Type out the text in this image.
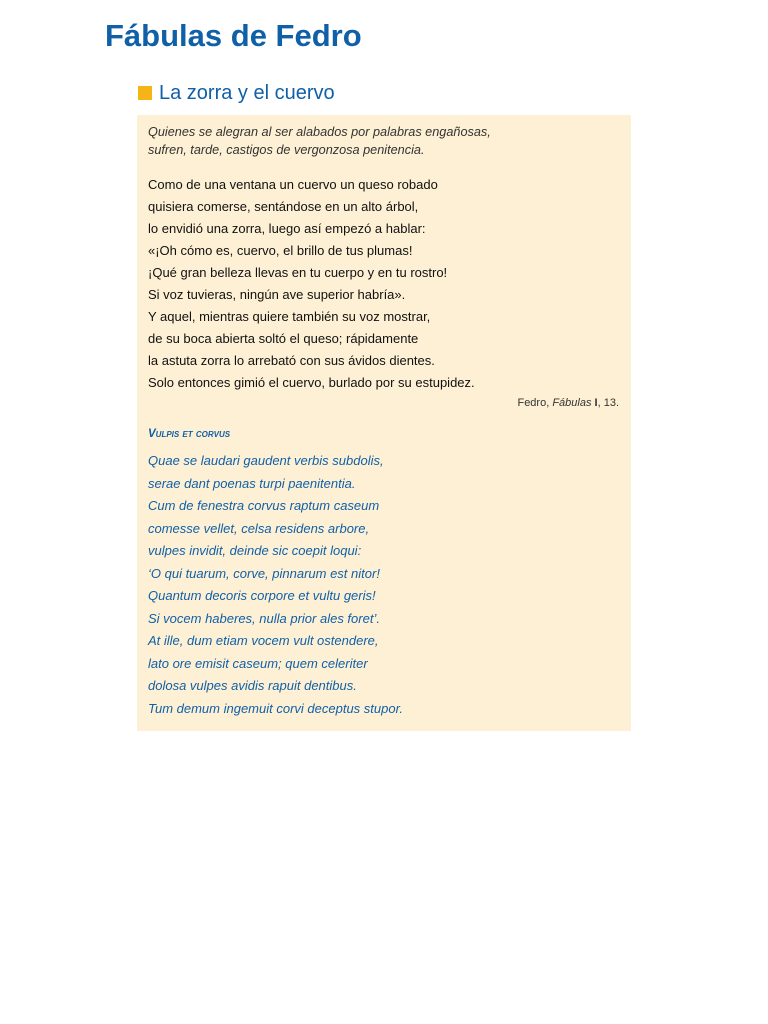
Fábulas de Fedro
La zorra y el cuervo
Quienes se alegran al ser alabados por palabras engañosas,
sufren, tarde, castigos de vergonzosa penitencia.
Como de una ventana un cuervo un queso robado
quisiera comerse, sentándose en un alto árbol,
lo envidió una zorra, luego así empezó a hablar:
«¡Oh cómo es, cuervo, el brillo de tus plumas!
¡Qué gran belleza llevas en tu cuerpo y en tu rostro!
Si voz tuvieras, ningún ave superior habría».
Y aquel, mientras quiere también su voz mostrar,
de su boca abierta soltó el queso; rápidamente
la astuta zorra lo arrebató con sus ávidos dientes.
Solo entonces gimió el cuervo, burlado por su estupidez.
Fedro, Fábulas I, 13.
Vulpis et corvus
Quae se laudari gaudent verbis subdolis,
serae dant poenas turpi paenitentia.
Cum de fenestra corvus raptum caseum
comesse vellet, celsa residens arbore,
vulpes invidit, deinde sic coepit loqui:
‘O qui tuarum, corve, pinnarum est nitor!
Quantum decoris corpore et vultu geris!
Si vocem haberes, nulla prior ales foret’.
At ille, dum etiam vocem vult ostendere,
lato ore emisit caseum; quem celeriter
dolosa vulpes avidis rapuit dentibus.
Tum demum ingemuit corvi deceptus stupor.
